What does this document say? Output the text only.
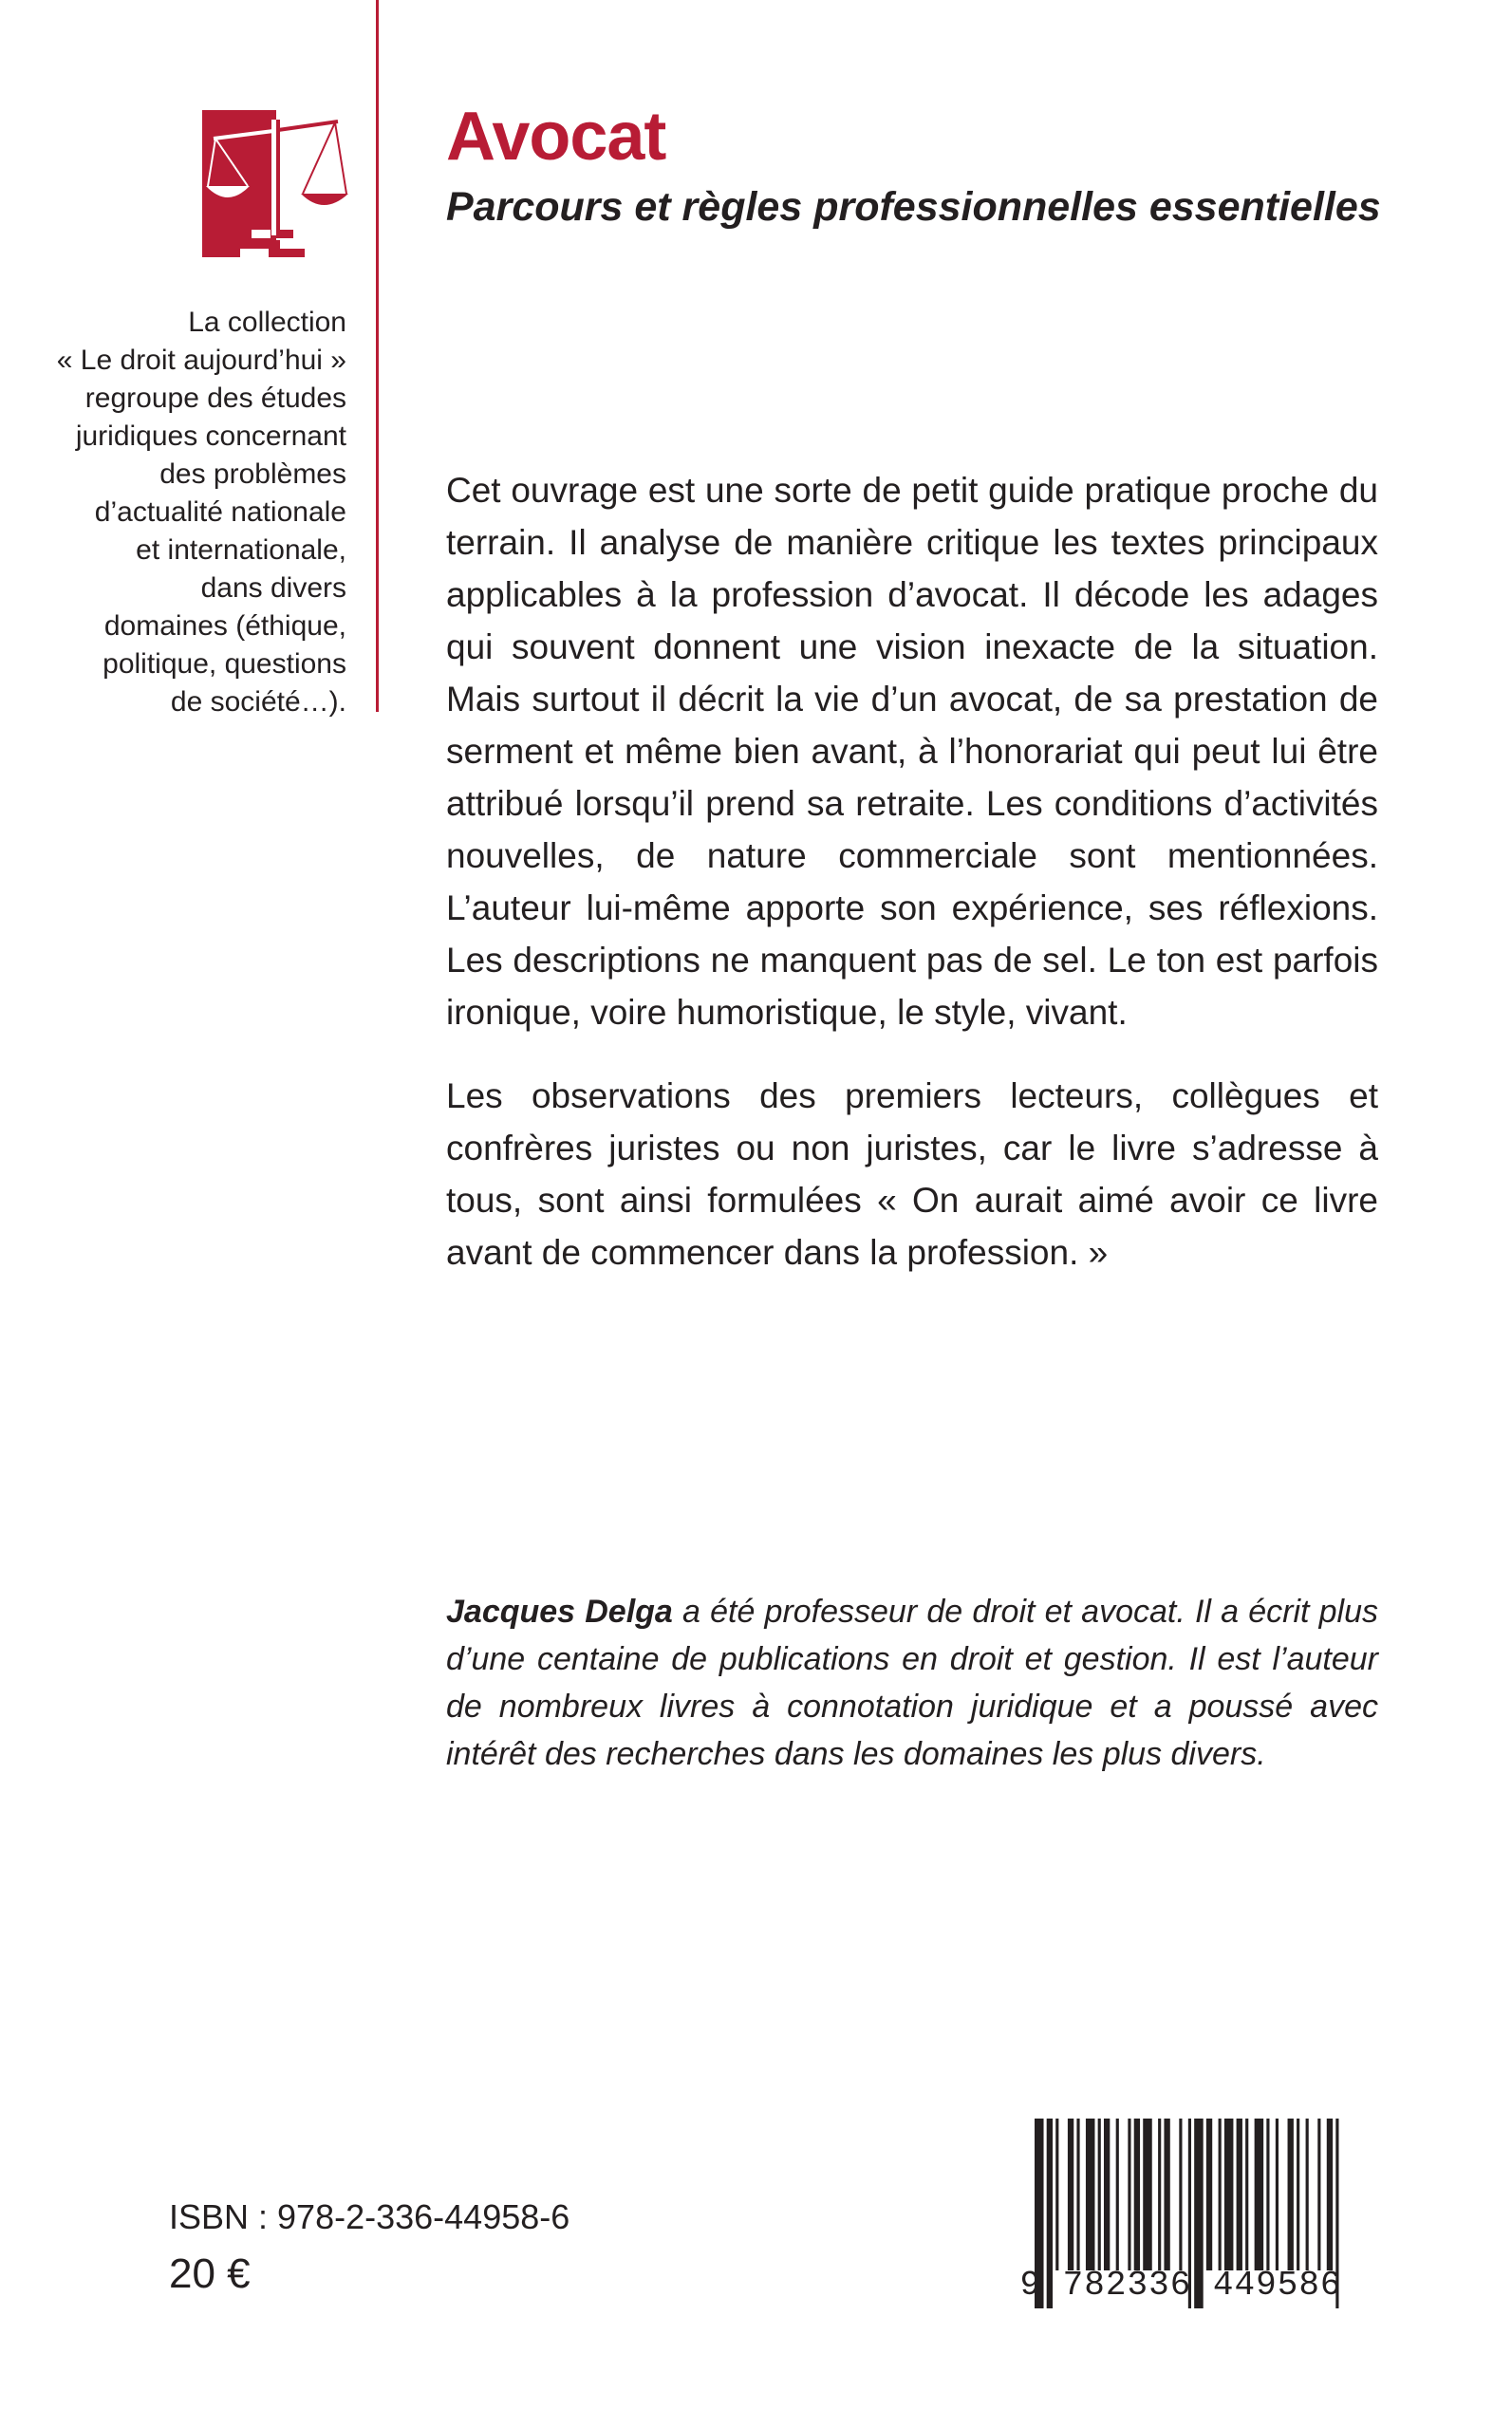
Avocat
Parcours et règles professionnelles essentielles
La collection
« Le droit aujourd’hui »
regroupe des études
juridiques concernant
des problèmes
d’actualité nationale
et internationale,
dans divers
domaines (éthique,
politique, questions
de société…).

Cet ouvrage est une sorte de petit guide pratique proche du terrain. Il analyse de manière critique les textes principaux applicables à la profession d’avocat. Il décode les adages qui souvent donnent une vision inexacte de la situation. Mais surtout il décrit la vie d’un avocat, de sa prestation de serment et même bien avant, à l’honorariat qui peut lui être attribué lorsqu’il prend sa retraite. Les conditions d’activités nouvelles, de nature commerciale sont mentionnées. L’auteur lui-même apporte son expérience, ses réflexions. Les descriptions ne manquent pas de sel. Le ton est parfois ironique, voire humoristique, le style, vivant.

Les observations des premiers lecteurs, collègues et confrères juristes ou non juristes, car le livre s’adresse à tous, sont ainsi formulées « On aurait aimé avoir ce livre avant de commencer dans la profession. »

Jacques Delga a été professeur de droit et avocat. Il a écrit plus d’une centaine de publications en droit et gestion. Il est l’auteur de nombreux livres à connotation juridique et a poussé avec intérêt des recherches dans les domaines les plus divers.

ISBN : 978-2-336-44958-6

20 €	9 782336 449586
